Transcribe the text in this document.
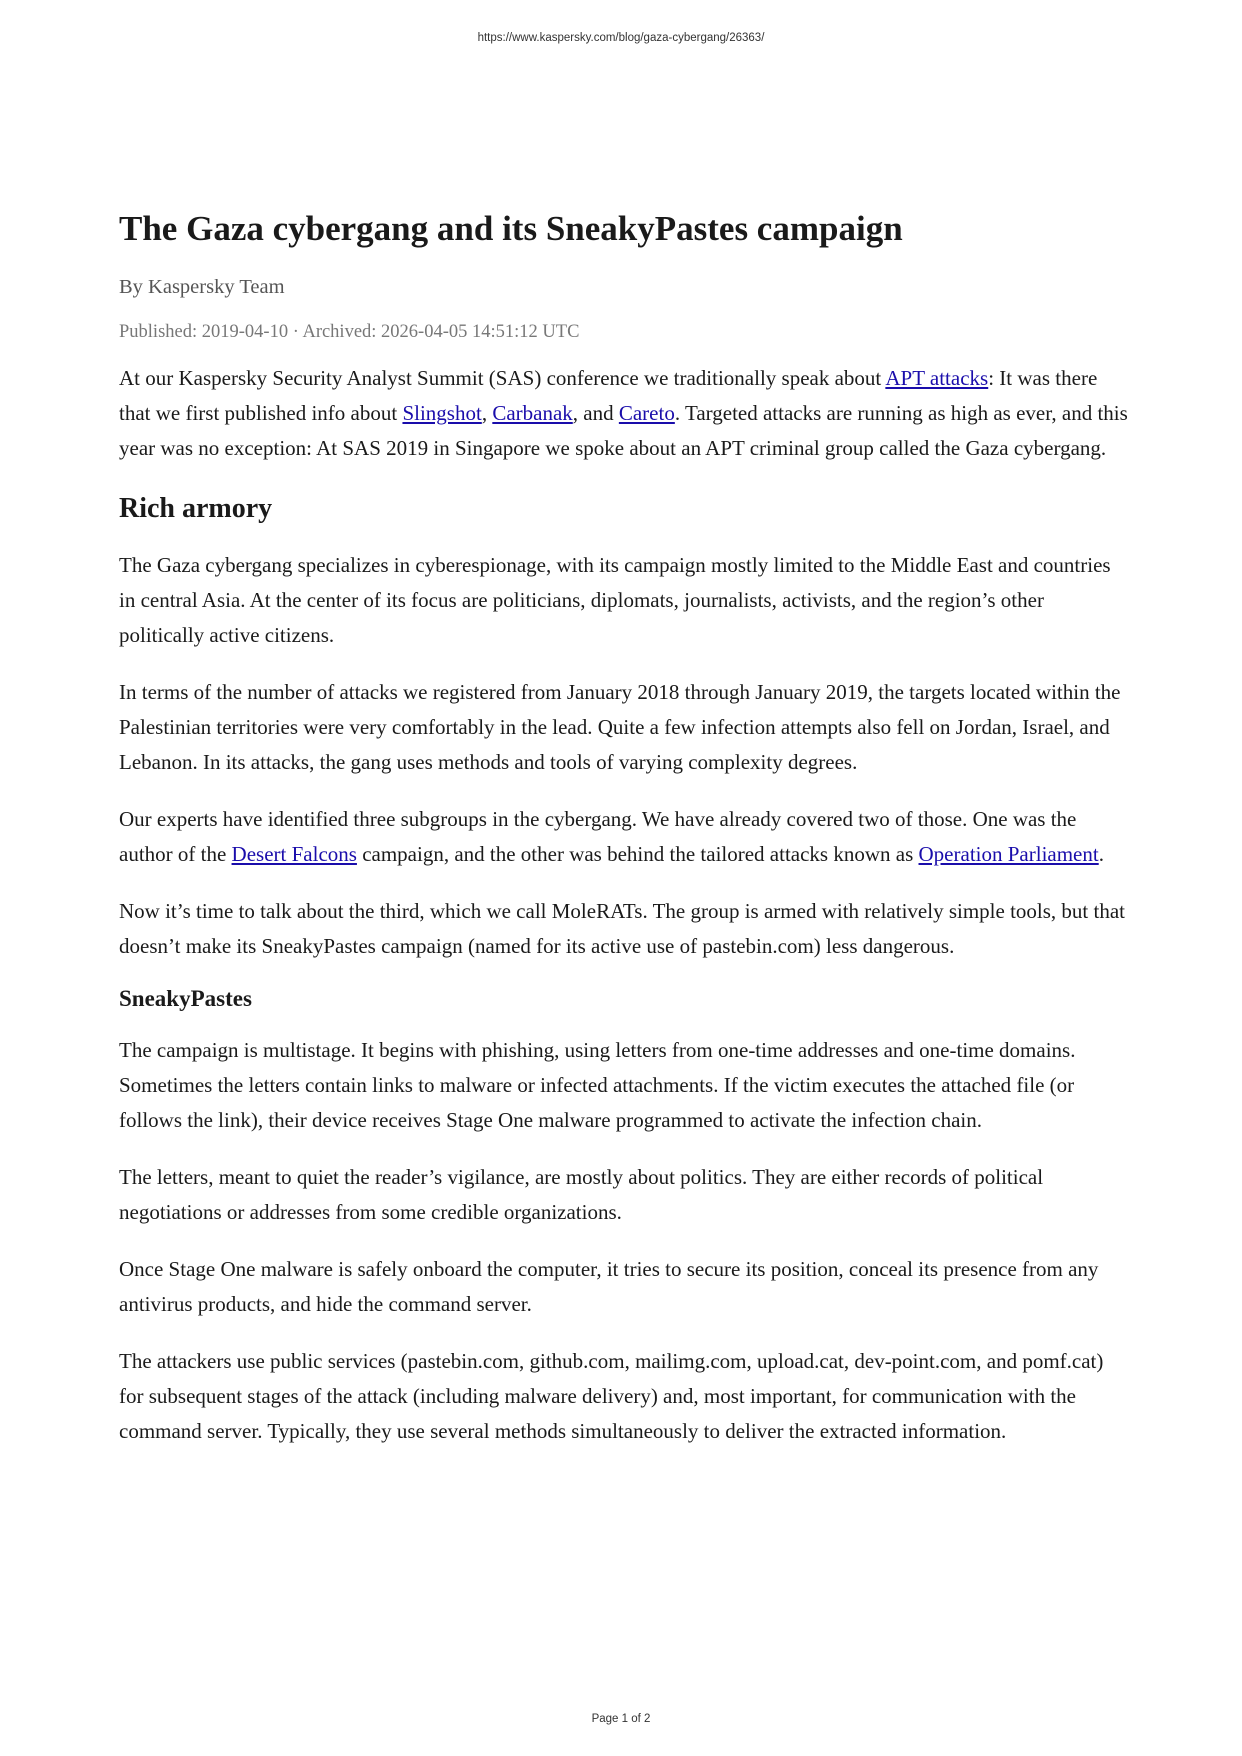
https://www.kaspersky.com/blog/gaza-cybergang/26363/
The Gaza cybergang and its SneakyPastes campaign
By Kaspersky Team
Published: 2019-04-10 · Archived: 2026-04-05 14:51:12 UTC

At our Kaspersky Security Analyst Summit (SAS) conference we traditionally speak about APT attacks: It was there that we first published info about Slingshot, Carbanak, and Careto. Targeted attacks are running as high as ever, and this year was no exception: At SAS 2019 in Singapore we spoke about an APT criminal group called the Gaza cybergang.

Rich armory

The Gaza cybergang specializes in cyberespionage, with its campaign mostly limited to the Middle East and countries in central Asia. At the center of its focus are politicians, diplomats, journalists, activists, and the region’s other politically active citizens.

In terms of the number of attacks we registered from January 2018 through January 2019, the targets located within the Palestinian territories were very comfortably in the lead. Quite a few infection attempts also fell on Jordan, Israel, and Lebanon. In its attacks, the gang uses methods and tools of varying complexity degrees.

Our experts have identified three subgroups in the cybergang. We have already covered two of those. One was the author of the Desert Falcons campaign, and the other was behind the tailored attacks known as Operation Parliament.

Now it’s time to talk about the third, which we call MoleRATs. The group is armed with relatively simple tools, but that doesn’t make its SneakyPastes campaign (named for its active use of pastebin.com) less dangerous.

SneakyPastes

The campaign is multistage. It begins with phishing, using letters from one-time addresses and one-time domains. Sometimes the letters contain links to malware or infected attachments. If the victim executes the attached file (or follows the link), their device receives Stage One malware programmed to activate the infection chain.

The letters, meant to quiet the reader’s vigilance, are mostly about politics. They are either records of political negotiations or addresses from some credible organizations.

Once Stage One malware is safely onboard the computer, it tries to secure its position, conceal its presence from any antivirus products, and hide the command server.

The attackers use public services (pastebin.com, github.com, mailimg.com, upload.cat, dev-point.com, and pomf.cat) for subsequent stages of the attack (including malware delivery) and, most important, for communication with the command server. Typically, they use several methods simultaneously to deliver the extracted information.

Page 1 of 2
